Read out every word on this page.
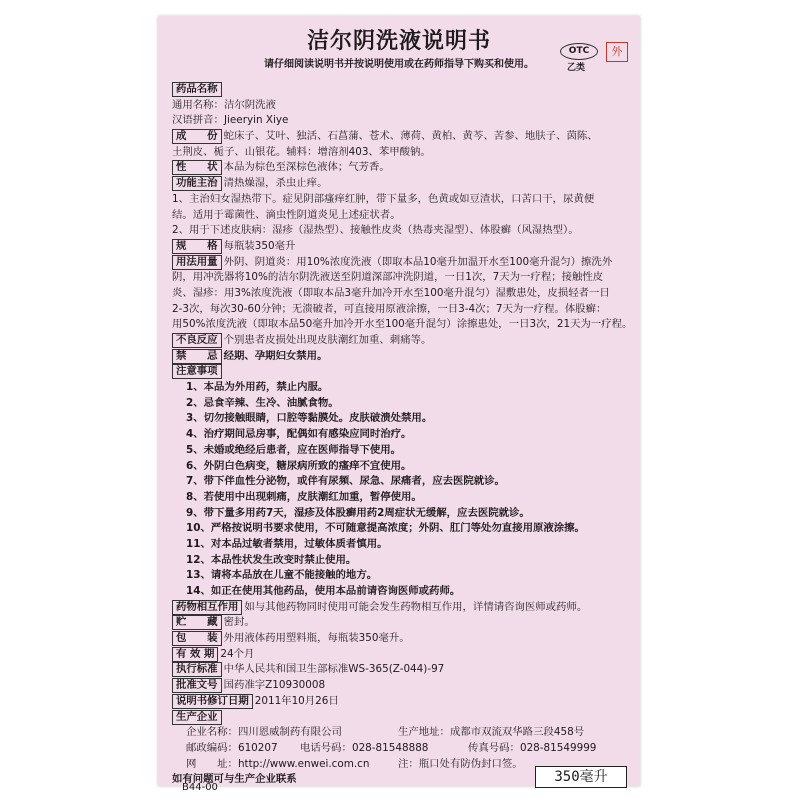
洁尔阴洗液说明书	OTC
乙类
外
请仔细阅读说明书并按说明使用或在药师指导下购买和使用。
药品名称
通用名称：洁尔阴洗液
汉语拼音：Jieeryin Xiye
成　　份 蛇床子、艾叶、独活、石菖蒲、苍术、薄荷、黄柏、黄芩、苦参、地肤子、茵陈、
土荆皮、栀子、山银花。辅料：增溶剂403、苯甲酸钠。
性　　状 本品为棕色至深棕色液体；气芳香。
功能主治 清热燥湿，杀虫止痒。
1、主治妇女湿热带下。症见阴部瘙痒红肿，带下量多，色黄或如豆渣状，口苦口干，尿黄便
结。适用于霉菌性、滴虫性阴道炎见上述症状者。
2、用于下述皮肤病：湿疹（湿热型）、接触性皮炎（热毒夹湿型）、体股癣（风湿热型）。
规　　格 每瓶装350毫升
用法用量 外阴、阴道炎：用10%浓度洗液（即取本品10毫升加温开水至100毫升混匀）擦洗外
阴，用冲洗器将10%的洁尔阴洗液送至阴道深部冲洗阴道，一日1次，7天为一疗程；接触性皮
炎、湿疹：用3%浓度洗液（即取本品3毫升加冷开水至100毫升混匀）湿敷患处，皮损轻者一日
2-3次，每次30-60分钟；无溃破者，可直接用原液涂擦，一日3-4次；7天为一疗程。体股癣：
用50%浓度洗液（即取本品50毫升加冷开水至100毫升混匀）涂擦患处，一日3次，21天为一疗程。
不良反应 个别患者皮损处出现皮肤潮红加重、刺痛等。
禁　　忌 经期、孕期妇女禁用。
注意事项
1、本品为外用药，禁止内服。
2、忌食辛辣、生冷、油腻食物。
3、切勿接触眼睛，口腔等黏膜处。皮肤破溃处禁用。
4、治疗期间忌房事，配偶如有感染应同时治疗。
5、未婚或绝经后患者，应在医师指导下使用。
6、外阴白色病变，糖尿病所致的瘙痒不宜使用。
7、带下伴血性分泌物，或伴有尿频、尿急、尿痛者，应去医院就诊。
8、若使用中出现刺痛，皮肤潮红加重，暂停使用。
9、带下量多用药7天，湿疹及体股癣用药2周症状无缓解，应去医院就诊。
10、严格按说明书要求使用，不可随意提高浓度；外阴、肛门等处勿直接用原液涂擦。
11、对本品过敏者禁用，过敏体质者慎用。
12、本品性状发生改变时禁止使用。
13、请将本品放在儿童不能接触的地方。
14、如正在使用其他药品，使用本品前请咨询医师或药师。
药物相互作用 如与其他药物同时使用可能会发生药物相互作用，详情请咨询医师或药师。
贮　　藏 密封。
包　　装 外用液体药用塑料瓶，每瓶装350毫升。
有 效 期 24个月
执行标准 中华人民共和国卫生部标准WS-365(Z-044)-97
批准文号 国药准字Z10930008
说明书修订日期 2011年10月26日
生产企业
企业名称：四川恩威制药有限公司	生产地址：成都市双流双华路三段458号
邮政编码：610207 电话号码：028-81548888	传真号码：028-81549999
网　　址：http://www.enwei.com.cn	注：瓶口处有防伪封口签。
如有问题可与生产企业联系
B44-00
350毫升
